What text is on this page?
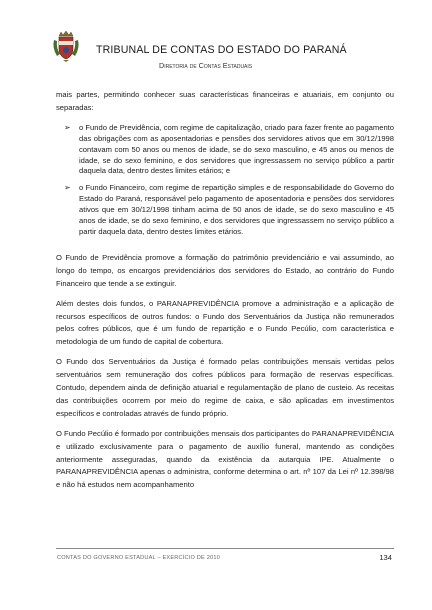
TRIBUNAL DE CONTAS DO ESTADO DO PARANÁ
Diretoria de Contas Estaduais

mais partes, permitindo conhecer suas características financeiras e atuariais, em conjunto ou separadas:

➢ o Fundo de Previdência, com regime de capitalização, criado para fazer frente ao pagamento das obrigações com as aposentadorias e pensões dos servidores ativos que em 30/12/1998 contavam com 50 anos ou menos de idade, se do sexo masculino, e 45 anos ou menos de idade, se do sexo feminino, e dos servidores que ingressassem no serviço público a partir daquela data, dentro destes limites etários; e
➢ o Fundo Financeiro, com regime de repartição simples e de responsabilidade do Governo do Estado do Paraná, responsável pelo pagamento de aposentadoria e pensões dos servidores ativos que em 30/12/1998 tinham acima de 50 anos de idade, se do sexo masculino e 45 anos de idade, se do sexo feminino, e dos servidores que ingressassem no serviço público a partir daquela data, dentro destes limites etários.

O Fundo de Previdência promove a formação do patrimônio previdenciário e vai assumindo, ao longo do tempo, os encargos previdenciários dos servidores do Estado, ao contrário do Fundo Financeiro que tende a se extinguir.

Além destes dois fundos, o PARANAPREVIDÊNCIA promove a administração e a aplicação de recursos específicos de outros fundos: o Fundo dos Serventuários da Justiça não remunerados pelos cofres públicos, que é um fundo de repartição e o Fundo Pecúlio, com característica e metodologia de um fundo de capital de cobertura.

O Fundo dos Serventuários da Justiça é formado pelas contribuições mensais vertidas pelos serventuários sem remuneração dos cofres públicos para formação de reservas específicas. Contudo, dependem ainda de definição atuarial e regulamentação de plano de custeio. As receitas das contribuições ocorrem por meio do regime de caixa, e são aplicadas em investimentos específicos e controladas através de fundo próprio.

O Fundo Pecúlio é formado por contribuições mensais dos participantes do PARANAPREVIDÊNCIA e utilizado exclusivamente para o pagamento de auxílio funeral, mantendo as condições anteriormente asseguradas, quando da existência da autarquia IPE. Atualmente o PARANAPREVIDÊNCIA apenas o administra, conforme determina o art. nº 107 da Lei nº 12.398/98 e não há estudos nem acompanhamento

CONTAS DO GOVERNO ESTADUAL – EXERCÍCIO DE 2010	134
